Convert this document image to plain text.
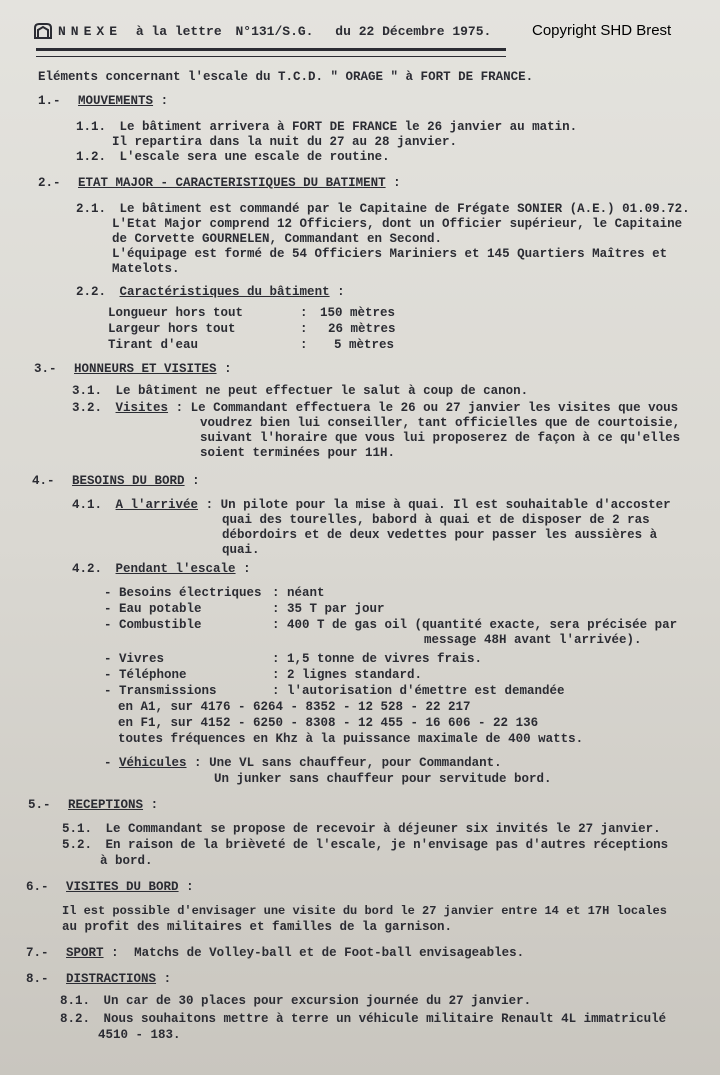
NNEXE à la lettre N°131/S.G. du 22 Décembre 1975.	Copyright SHD Brest
Eléments concernant l'escale du T.C.D. " ORAGE " à FORT DE FRANCE.
1.- MOUVEMENTS :
1.1. Le bâtiment arrivera à FORT DE FRANCE le 26 janvier au matin.
Il repartira dans la nuit du 27 au 28 janvier.
1.2. L'escale sera une escale de routine.
2.- ETAT MAJOR - CARACTERISTIQUES DU BATIMENT :
2.1. Le bâtiment est commandé par le Capitaine de Frégate SONIER (A.E.) 01.09.72.
L'Etat Major comprend 12 Officiers, dont un Officier supérieur, le Capitaine
de Corvette GOURNELEN, Commandant en Second.
L'équipage est formé de 54 Officiers Mariniers et 145 Quartiers Maîtres et
Matelots.
2.2. Caractéristiques du bâtiment :
Longueur hors tout	: 150 mètres
Largeur hors tout	: 26 mètres
Tirant d'eau	: 5 mètres
3.- HONNEURS ET VISITES :
3.1. Le bâtiment ne peut effectuer le salut à coup de canon.
3.2. Visites : Le Commandant effectuera le 26 ou 27 janvier les visites que vous
voudrez bien lui conseiller, tant officielles que de courtoisie,
suivant l'horaire que vous lui proposerez de façon à ce qu'elles
soient terminées pour 11H.
4.- BESOINS DU BORD :
4.1. A l'arrivée : Un pilote pour la mise à quai. Il est souhaitable d'accoster
quai des tourelles, babord à quai et de disposer de 2 ras
débordoirs et de deux vedettes pour passer les aussières à
quai.
4.2. Pendant l'escale :
- Besoins électriques : néant
- Eau potable	: 35 T par jour
- Combustible	: 400 T de gas oil (quantité exacte, sera précisée par
message 48H avant l'arrivée).
- Vivres	: 1,5 tonne de vivres frais.
- Téléphone	: 2 lignes standard.
- Transmissions	: l'autorisation d'émettre est demandée
en A1, sur 4176 - 6264 - 8352 - 12 528 - 22 217
en F1, sur 4152 - 6250 - 8308 - 12 455 - 16 606 - 22 136
toutes fréquences en Khz à la puissance maximale de 400 watts.
- Véhicules : Une VL sans chauffeur, pour Commandant.
Un junker sans chauffeur pour servitude bord.
5.- RECEPTIONS :
5.1. Le Commandant se propose de recevoir à déjeuner six invités le 27 janvier.
5.2. En raison de la brièveté de l'escale, je n'envisage pas d'autres réceptions
à bord.
6.- VISITES DU BORD :
Il est possible d'envisager une visite du bord le 27 janvier entre 14 et 17H locales
au profit des militaires et familles de la garnison.
7.- SPORT : Matchs de Volley-ball et de Foot-ball envisageables.
8.- DISTRACTIONS :
8.1. Un car de 30 places pour excursion journée du 27 janvier.
8.2. Nous souhaitons mettre à terre un véhicule militaire Renault 4L immatriculé
4510 - 183.
